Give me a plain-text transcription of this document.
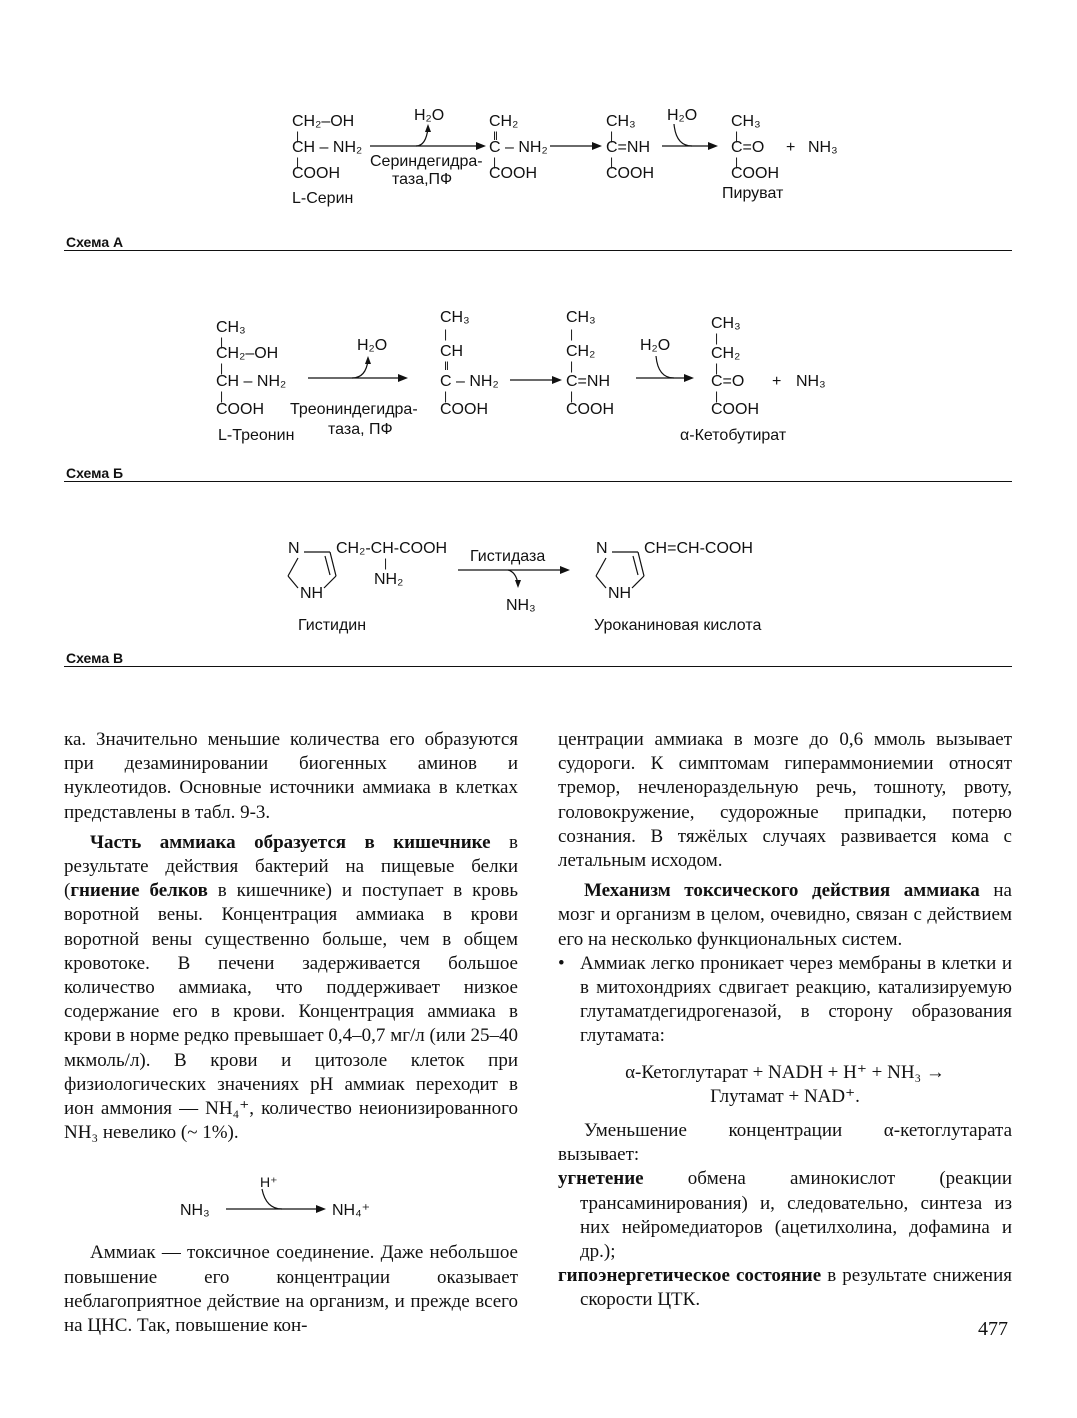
CH₂–OH
|
CH – NH₂
|
COOH
L-Серин
H₂O
Сериндегидра-
таза,ПФ
CH₂
‖
C – NH₂
|
COOH
CH₃
|
C=NH
|
COOH
H₂O CH₃
|
C=O + NH₃
|
COOH
Пируват
Схема А
CH₃
|
CH₂–OH
|
CH – NH₂
|
COOH
L-Треонин
H₂O
Треониндегидра-
таза, ПФ
CH₃
|
CH
‖
C – NH₂
|
COOH
CH₃
|
CH₂
|
C=NH
|
COOH
H₂O
CH₃
|
CH₂
|
C=O + NH₃
|
COOH
α-Кетобутират
Схема Б
N CH₂-CH-COOH
|
NH₂
NH
Гистидин
Гистидаза
NH₃
N CH=CH-COOH
NH
Уроканиновая кислота
Схема В

ка. Значительно меньшие количества его образуются при дезаминировании биогенных аминов и нуклеотидов. Основные источники аммиака в клетках представлены в табл. 9-3.

Часть аммиака образуется в кишечнике в результате действия бактерий на пищевые белки (гниение белков в кишечнике) и поступает в кровь воротной вены. Концентрация аммиака в крови воротной вены существенно больше, чем в общем кровотоке. В печени задерживается большое количество аммиака, что поддерживает низкое содержание его в крови. Концентрация аммиака в крови в норме редко превышает 0,4–0,7 мг/л (или 25–40 мкмоль/л). В крови и цитозоле клеток при физиологических значениях pH аммиак переходит в ион аммония — NH₄⁺, количество неионизированного NH₃ невелико (~ 1%).

NH₃
H⁺
NH₄⁺

Аммиак — токсичное соединение. Даже небольшое повышение его концентрации оказывает неблагоприятное действие на организм, и прежде всего на ЦНС. Так, повышение кон-

центрации аммиака в мозге до 0,6 ммоль вызывает судороги. К симптомам гипераммониемии относят тремор, нечленораздельную речь, тошноту, рвоту, головокружение, судорожные припадки, потерю сознания. В тяжёлых случаях развивается кома с летальным исходом.

Механизм токсического действия аммиака на мозг и организм в целом, очевидно, связан с действием его на несколько функциональных систем.

• Аммиак легко проникает через мембраны в клетки и в митохондриях сдвигает реакцию, катализируемую глутаматдегидрогеназой, в сторону образования глутамата:

α-Кетоглутарат + NADH + H⁺ + NH₃ →
Глутамат + NAD⁺.

Уменьшение концентрации α-кетоглутарата вызывает:

угнетение обмена аминокислот (реакции трансаминирования) и, следовательно, синтеза из них нейромедиаторов (ацетилхолина, дофамина и др.);

гипоэнергетическое состояние в результате снижения скорости ЦТК.

477
